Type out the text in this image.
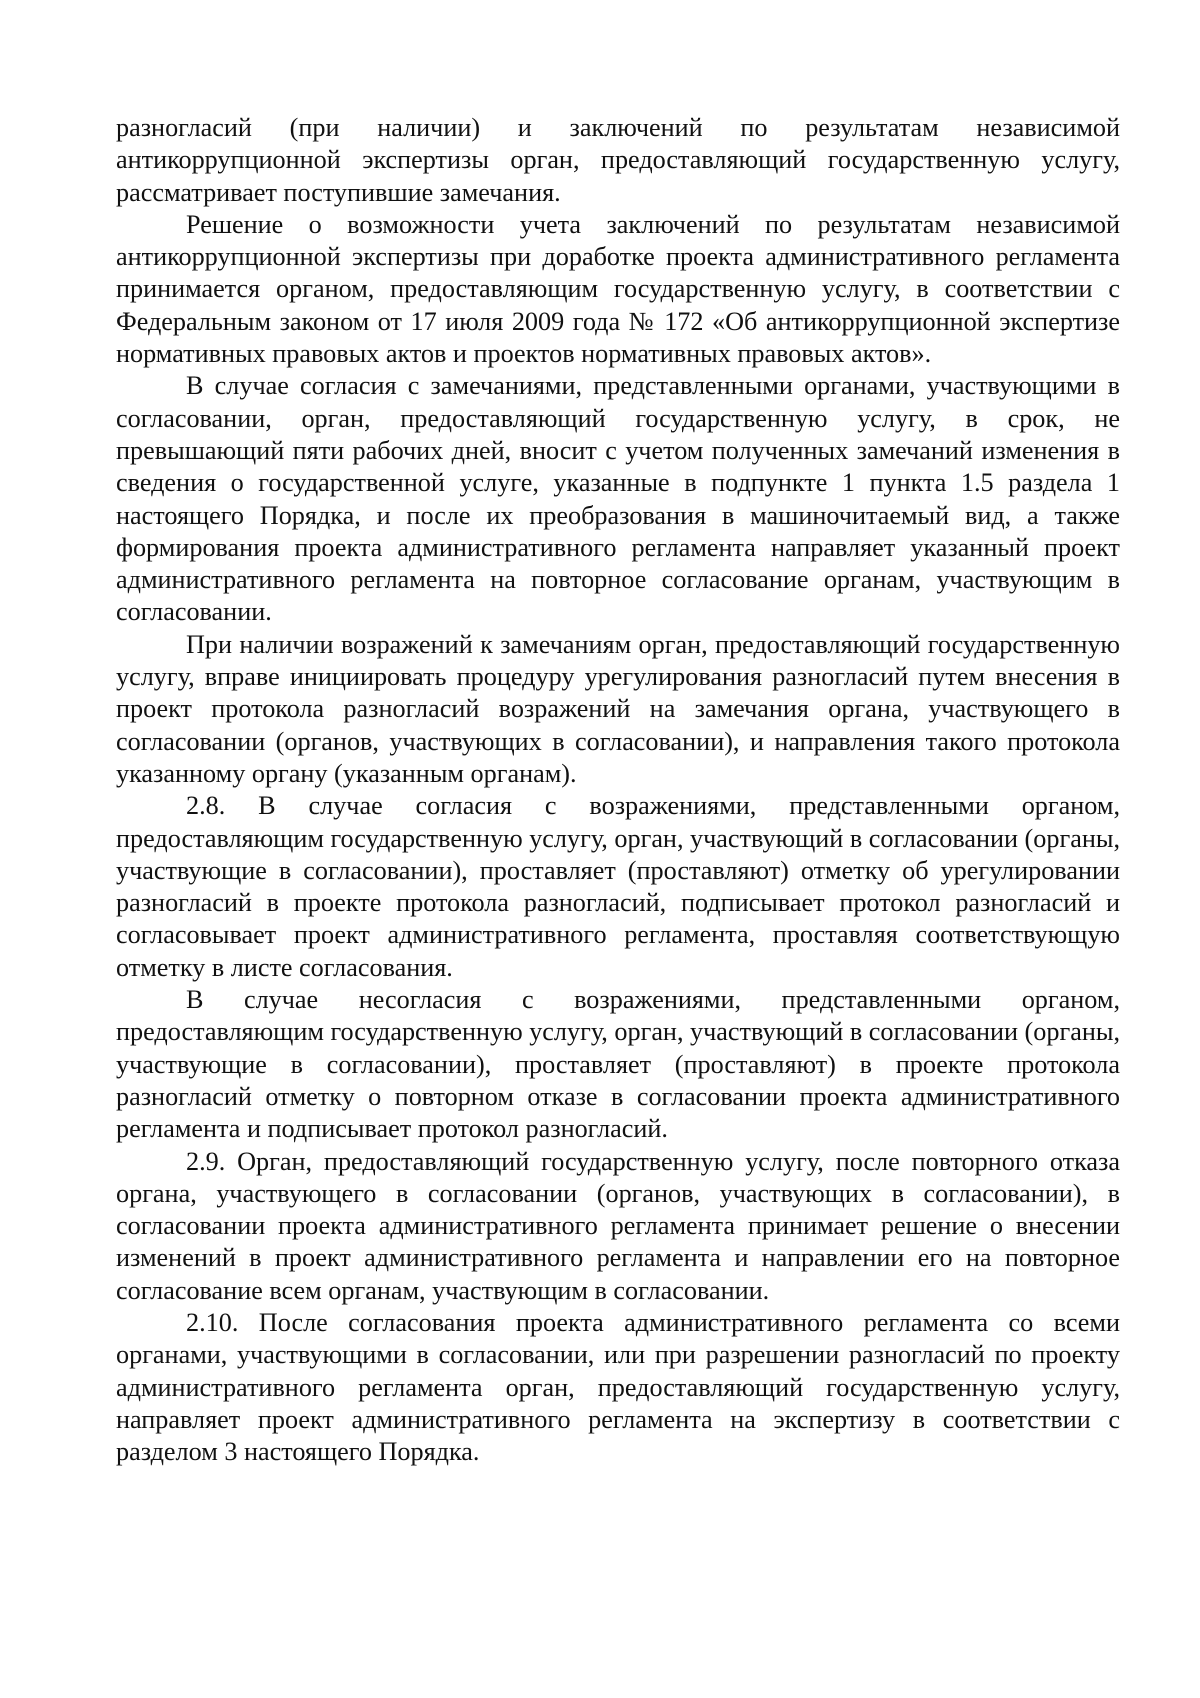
разногласий (при наличии) и заключений по результатам независимой антикоррупционной экспертизы орган, предоставляющий государственную услугу, рассматривает поступившие замечания.

Решение о возможности учета заключений по результатам независимой антикоррупционной экспертизы при доработке проекта административного регламента принимается органом, предоставляющим государственную услугу, в соответствии с Федеральным законом от 17 июля 2009 года № 172 «Об антикоррупционной экспертизе нормативных правовых актов и проектов нормативных правовых актов».

В случае согласия с замечаниями, представленными органами, участвующими в согласовании, орган, предоставляющий государственную услугу, в срок, не превышающий пяти рабочих дней, вносит с учетом полученных замечаний изменения в сведения о государственной услуге, указанные в подпункте 1 пункта 1.5 раздела 1 настоящего Порядка, и после их преобразования в машиночитаемый вид, а также формирования проекта административного регламента направляет указанный проект административного регламента на повторное согласование органам, участвующим в согласовании.

При наличии возражений к замечаниям орган, предоставляющий государственную услугу, вправе инициировать процедуру урегулирования разногласий путем внесения в проект протокола разногласий возражений на замечания органа, участвующего в согласовании (органов, участвующих в согласовании), и направления такого протокола указанному органу (указанным органам).

2.8. В случае согласия с возражениями, представленными органом, предоставляющим государственную услугу, орган, участвующий в согласовании (органы, участвующие в согласовании), проставляет (проставляют) отметку об урегулировании разногласий в проекте протокола разногласий, подписывает протокол разногласий и согласовывает проект административного регламента, проставляя соответствующую отметку в листе согласования.

В случае несогласия с возражениями, представленными органом, предоставляющим государственную услугу, орган, участвующий в согласовании (органы, участвующие в согласовании), проставляет (проставляют) в проекте протокола разногласий отметку о повторном отказе в согласовании проекта административного регламента и подписывает протокол разногласий.

2.9. Орган, предоставляющий государственную услугу, после повторного отказа органа, участвующего в согласовании (органов, участвующих в согласовании), в согласовании проекта административного регламента принимает решение о внесении изменений в проект административного регламента и направлении его на повторное согласование всем органам, участвующим в согласовании.

2.10. После согласования проекта административного регламента со всеми органами, участвующими в согласовании, или при разрешении разногласий по проекту административного регламента орган, предоставляющий государственную услугу, направляет проект административного регламента на экспертизу в соответствии с разделом 3 настоящего Порядка.
